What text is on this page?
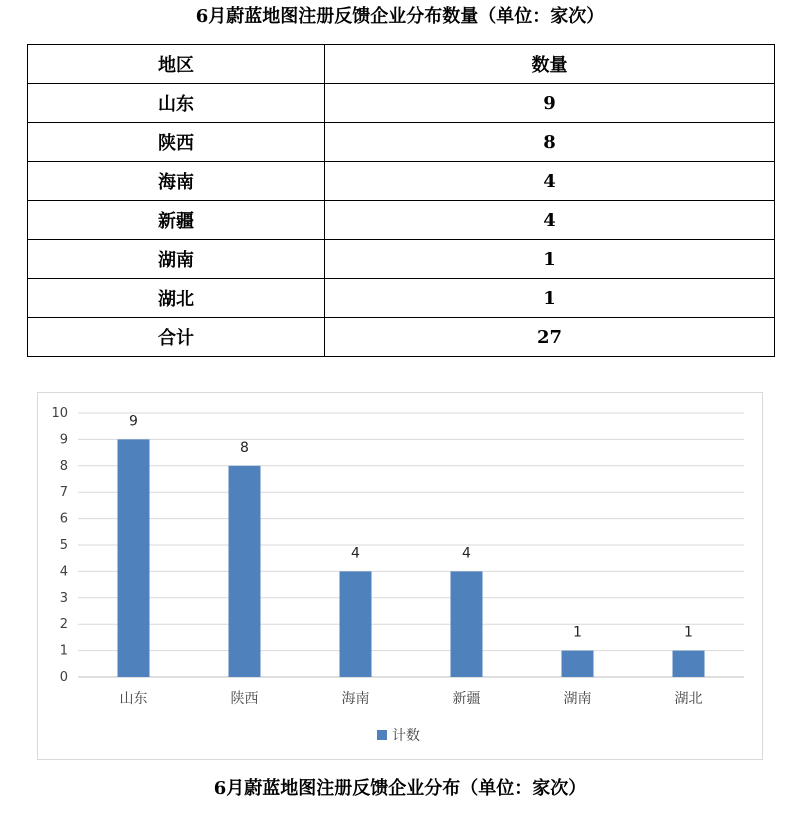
6月蔚蓝地图注册反馈企业分布数量（单位：家次）
地区	数量
山东	9
陕西	8
海南	4
新疆	4
湖南	1
湖北	1
合计	27
0
1
2
3
4
5
6
7
8
9
10	9
8
4	4
1	1
山东	陕西	海南	新疆	湖南	湖北
计数
6月蔚蓝地图注册反馈企业分布（单位：家次）
